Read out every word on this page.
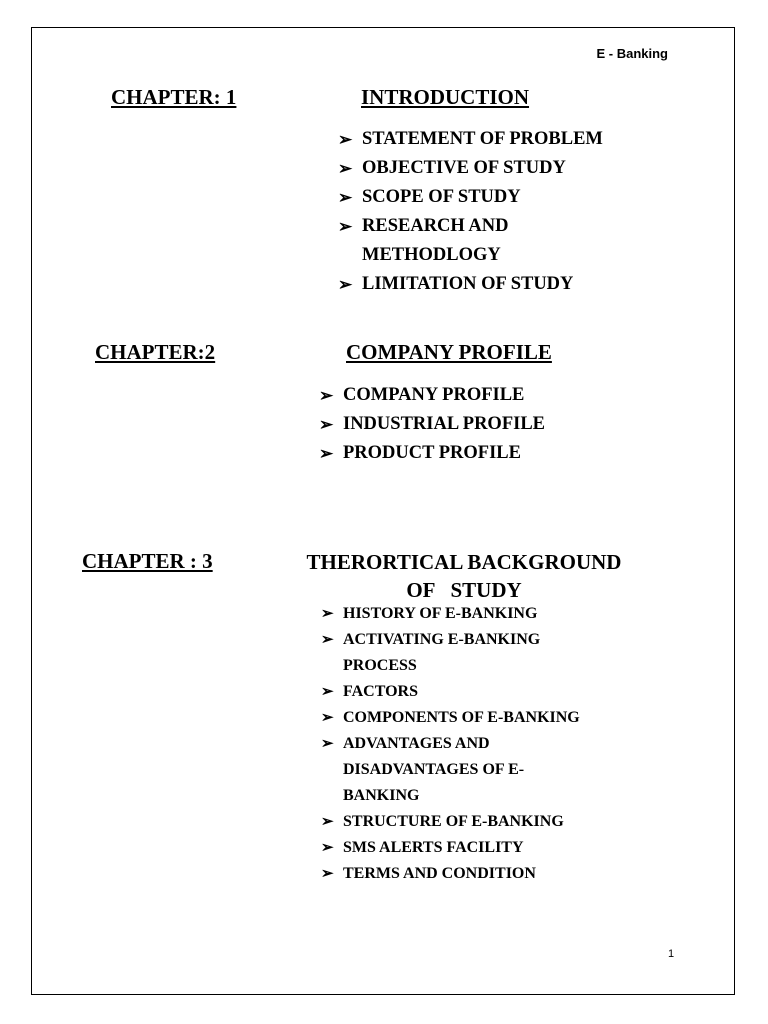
E - Banking
CHAPTER: 1	INTRODUCTION
➢ STATEMENT OF PROBLEM
➢ OBJECTIVE OF STUDY
➢ SCOPE OF STUDY
➢ RESEARCH AND
METHODLOGY
➢ LIMITATION OF STUDY
CHAPTER:2	COMPANY PROFILE
➢ COMPANY PROFILE
➢ INDUSTRIAL PROFILE
➢ PRODUCT PROFILE
CHAPTER : 3	THERORTICAL BACKGROUND
OF   STUDY
➢ HISTORY OF E-BANKING
➢ ACTIVATING E-BANKING
PROCESS
➢ FACTORS
➢ COMPONENTS OF E-BANKING
➢ ADVANTAGES AND
DISADVANTAGES OF E-
BANKING
➢ STRUCTURE OF E-BANKING
➢ SMS ALERTS FACILITY
➢ TERMS AND CONDITION
1
